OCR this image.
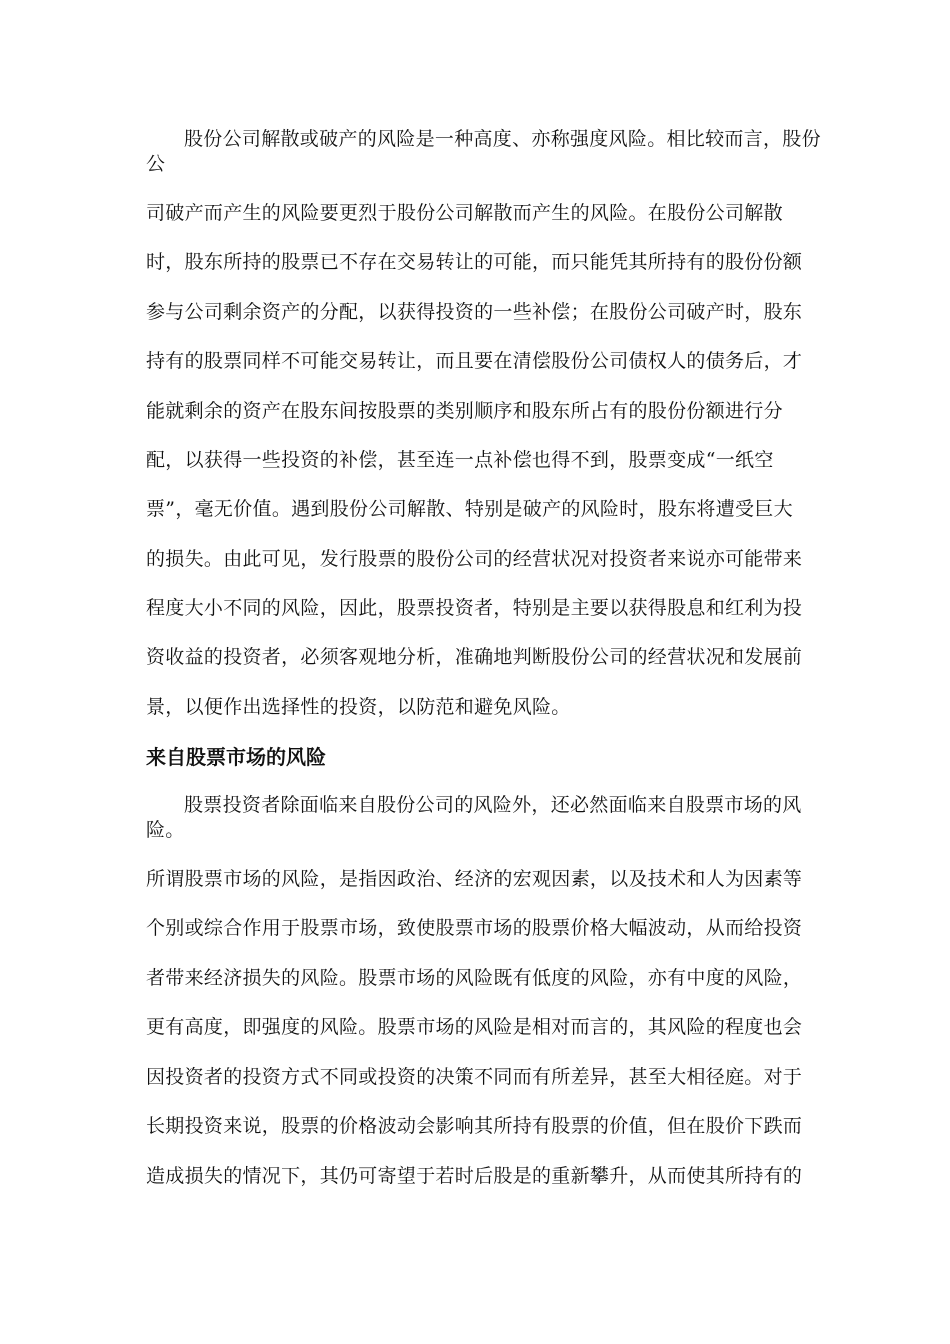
股份公司解散或破产的风险是一种高度、亦称强度风险。相比较而言，股份
公
司破产而产生的风险要更烈于股份公司解散而产生的风险。在股份公司解散
时，股东所持的股票已不存在交易转让的可能，而只能凭其所持有的股份份额
参与公司剩余资产的分配，以获得投资的一些补偿；在股份公司破产时，股东
持有的股票同样不可能交易转让，而且要在清偿股份公司债权人的债务后，才
能就剩余的资产在股东间按股票的类别顺序和股东所占有的股份份额进行分
配，以获得一些投资的补偿，甚至连一点补偿也得不到，股票变成“一纸空
票”，毫无价值。遇到股份公司解散、特别是破产的风险时，股东将遭受巨大
的损失。由此可见，发行股票的股份公司的经营状况对投资者来说亦可能带来
程度大小不同的风险，因此，股票投资者，特别是主要以获得股息和红利为投
资收益的投资者，必须客观地分析，准确地判断股份公司的经营状况和发展前
景，以便作出选择性的投资，以防范和避免风险。
来自股票市场的风险
股票投资者除面临来自股份公司的风险外，还必然面临来自股票市场的风
险。
所谓股票市场的风险，是指因政治、经济的宏观因素，以及技术和人为因素等
个别或综合作用于股票市场，致使股票市场的股票价格大幅波动，从而给投资
者带来经济损失的风险。股票市场的风险既有低度的风险，亦有中度的风险，
更有高度，即强度的风险。股票市场的风险是相对而言的，其风险的程度也会
因投资者的投资方式不同或投资的决策不同而有所差异，甚至大相径庭。对于
长期投资来说，股票的价格波动会影响其所持有股票的价值，但在股价下跌而
造成损失的情况下，其仍可寄望于若时后股是的重新攀升，从而使其所持有的
